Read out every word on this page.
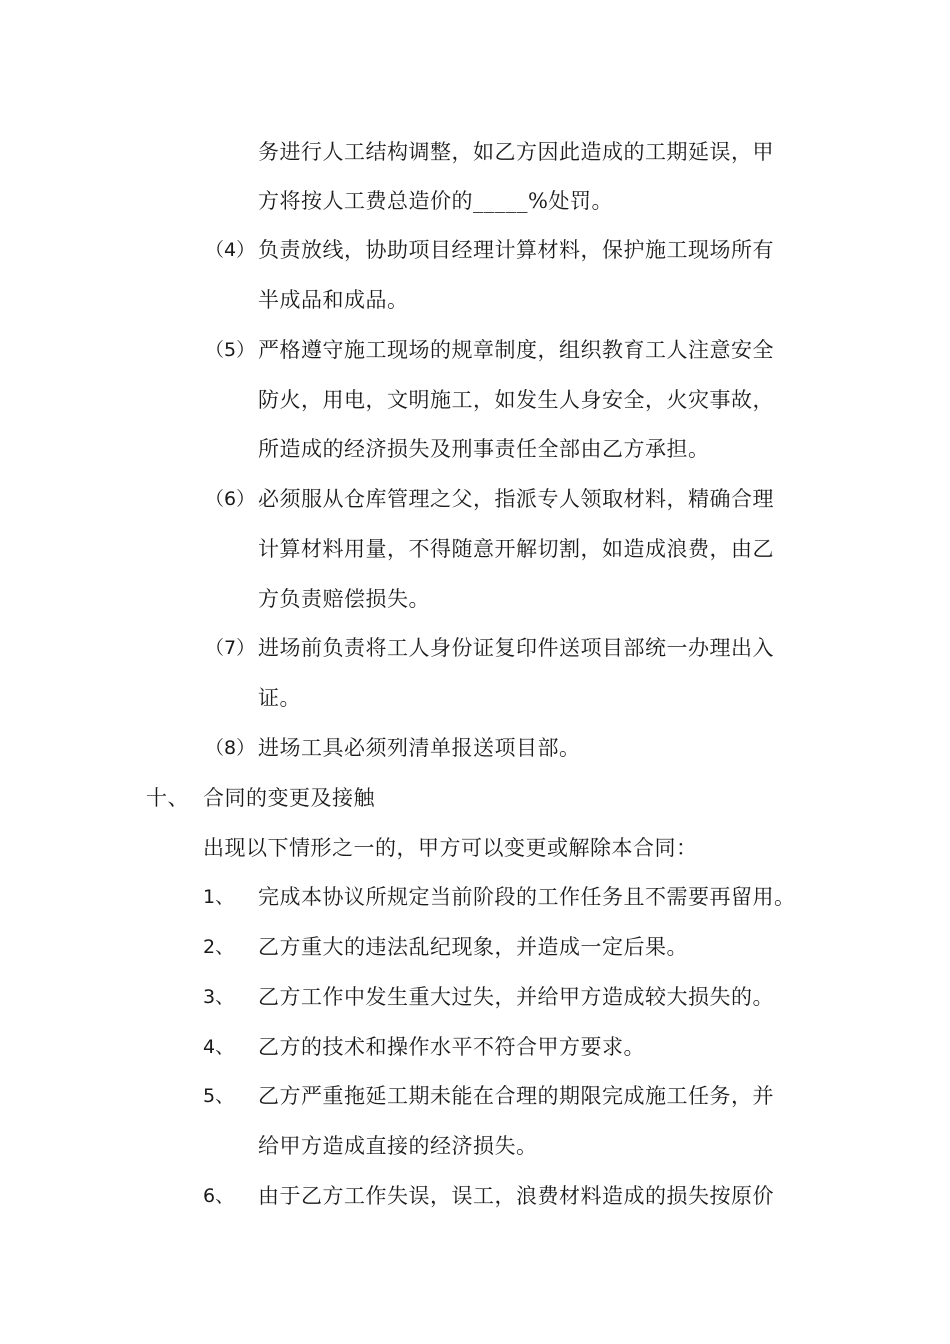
务进行人工结构调整，如乙方因此造成的工期延误，甲
方将按人工费总造价的_____%处罚。
（4） 负责放线，协助项目经理计算材料，保护施工现场所有
半成品和成品。
（5） 严格遵守施工现场的规章制度，组织教育工人注意安全
防火，用电，文明施工，如发生人身安全，火灾事故，
所造成的经济损失及刑事责任全部由乙方承担。
（6） 必须服从仓库管理之父，指派专人领取材料，精确合理
计算材料用量，不得随意开解切割，如造成浪费，由乙
方负责赔偿损失。
（7） 进场前负责将工人身份证复印件送项目部统一办理出入
证。
（8） 进场工具必须列清单报送项目部。
十、 合同的变更及接触
出现以下情形之一的，甲方可以变更或解除本合同：
1、 完成本协议所规定当前阶段的工作任务且不需要再留用。
2、 乙方重大的违法乱纪现象，并造成一定后果。
3、 乙方工作中发生重大过失，并给甲方造成较大损失的。
4、 乙方的技术和操作水平不符合甲方要求。
5、 乙方严重拖延工期未能在合理的期限完成施工任务，并
给甲方造成直接的经济损失。
6、 由于乙方工作失误，误工，浪费材料造成的损失按原价
